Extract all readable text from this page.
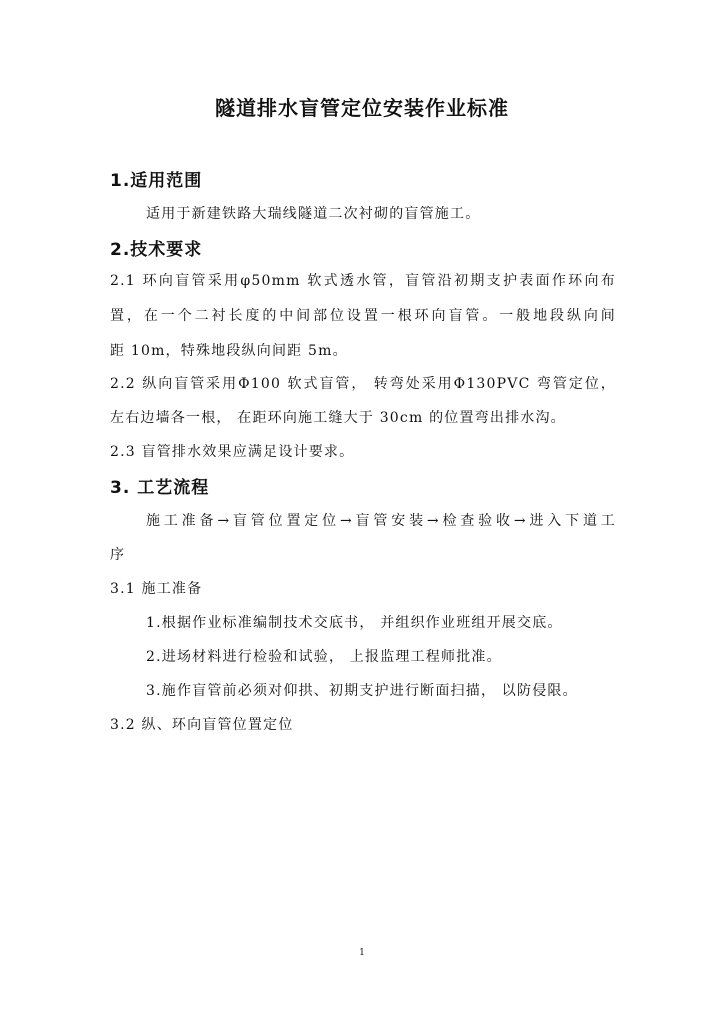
隧道排水盲管定位安装作业标准
1.适用范围
适用于新建铁路大瑞线隧道二次衬砌的盲管施工。
2.技术要求
2.1 环向盲管采用φ50mm 软式透水管，盲管沿初期支护表面作环向布
置，在一个二衬长度的中间部位设置一根环向盲管。一般地段纵向间
距 10m，特殊地段纵向间距 5m。
2.2 纵向盲管采用Φ100 软式盲管， 转弯处采用Φ130PVC 弯管定位，
左右边墙各一根， 在距环向施工缝大于 30cm 的位置弯出排水沟。
2.3 盲管排水效果应满足设计要求。
3. 工艺流程
施工准备→盲管位置定位→盲管安装→检查验收→进入下道工
序
3.1 施工准备
1.根据作业标准编制技术交底书， 并组织作业班组开展交底。
2.进场材料进行检验和试验， 上报监理工程师批准。
3.施作盲管前必须对仰拱、初期支护进行断面扫描， 以防侵限。
3.2 纵、环向盲管位置定位
1
